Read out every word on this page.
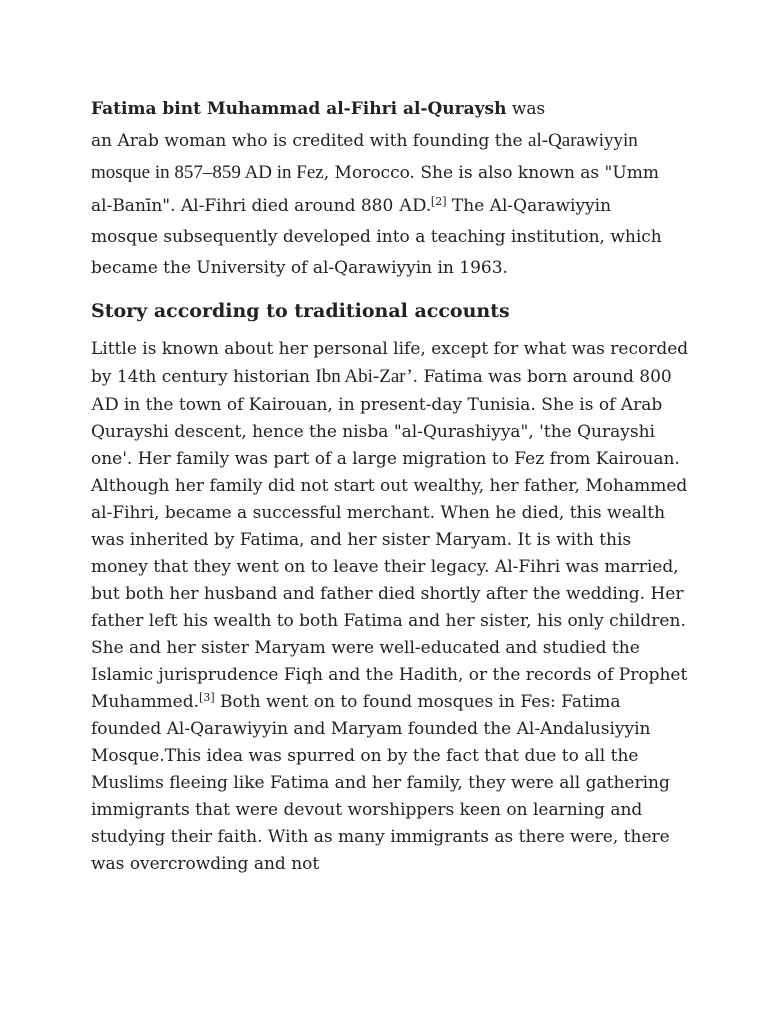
Fatima bint Muhammad al-Fihri al-Quraysh was
an Arab woman who is credited with founding the al-Qarawiyyin mosque in 857–859 AD in Fez, Morocco. She is also known as "Umm al-Banīn". Al-Fihri died around 880 AD.[2] The Al-Qarawiyyin mosque subsequently developed into a teaching institution, which became the University of al-Qarawiyyin in 1963.

Story according to traditional accounts

Little is known about her personal life, except for what was recorded by 14th century historian Ibn Abi-Zar’. Fatima was born around 800 AD in the town of Kairouan, in present-day Tunisia. She is of Arab Qurayshi descent, hence the nisba "al-Qurashiyya", 'the Qurayshi one'. Her family was part of a large migration to Fez from Kairouan. Although her family did not start out wealthy, her father, Mohammed al-Fihri, became a successful merchant. When he died, this wealth was inherited by Fatima, and her sister Maryam. It is with this money that they went on to leave their legacy. Al-Fihri was married, but both her husband and father died shortly after the wedding. Her father left his wealth to both Fatima and her sister, his only children. She and her sister Maryam were well-educated and studied the Islamic jurisprudence Fiqh and the Hadith, or the records of Prophet Muhammed.[3] Both went on to found mosques in Fes: Fatima founded Al-Qarawiyyin and Maryam founded the Al-Andalusiyyin Mosque.This idea was spurred on by the fact that due to all the Muslims fleeing like Fatima and her family, they were all gathering immigrants that were devout worshippers keen on learning and studying their faith. With as many immigrants as there were, there was overcrowding and not
